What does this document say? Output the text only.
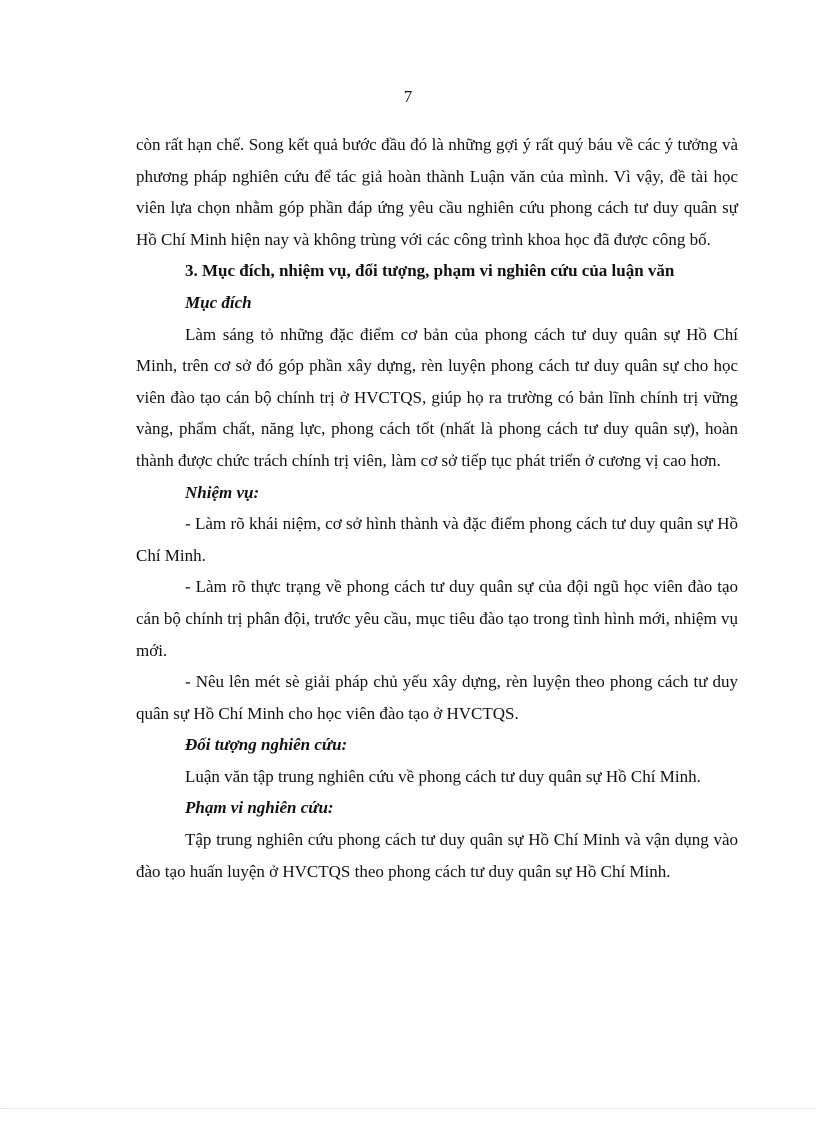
7

còn rất hạn chế. Song kết quả bước đầu đó là những gợi ý rất quý báu về các ý tưởng và phương pháp nghiên cứu để tác giả hoàn thành Luận văn của mình. Vì vậy, đề tài học viên lựa chọn nhằm góp phần đáp ứng yêu cầu nghiên cứu phong cách tư duy quân sự Hồ Chí Minh hiện nay và không trùng với các công trình khoa học đã được công bố.

3. Mục đích, nhiệm vụ, đối tượng, phạm vi nghiên cứu của luận văn

Mục đích

Làm sáng tỏ những đặc điểm cơ bản của phong cách tư duy quân sự Hồ Chí Minh, trên cơ sở đó góp phần xây dựng, rèn luyện phong cách tư duy quân sự cho học viên đào tạo cán bộ chính trị ở HVCTQS, giúp họ ra trường có bản lĩnh chính trị vững vàng, phẩm chất, năng lực, phong cách tốt (nhất là phong cách tư duy quân sự), hoàn thành được chức trách chính trị viên, làm cơ sở tiếp tục phát triển ở cương vị cao hơn.

Nhiệm vụ:

- Làm rõ khái niệm, cơ sở hình thành và đặc điểm phong cách tư duy quân sự Hồ Chí Minh.

- Làm rõ thực trạng về phong cách tư duy quân sự của đội ngũ học viên đào tạo cán bộ chính trị phân đội, trước yêu cầu, mục tiêu đào tạo trong tình hình mới, nhiệm vụ mới.

- Nêu lên mét sè giải pháp chủ yếu xây dựng, rèn luyện theo phong cách tư duy quân sự Hồ Chí Minh cho học viên đào tạo ở HVCTQS.

Đối tượng nghiên cứu:

Luận văn tập trung nghiên cứu về phong cách tư duy quân sự Hồ Chí Minh.

Phạm vi nghiên cứu:

Tập trung nghiên cứu phong cách tư duy quân sự Hồ Chí Minh và vận dụng vào đào tạo huấn luyện ở HVCTQS theo phong cách tư duy quân sự Hồ Chí Minh.
